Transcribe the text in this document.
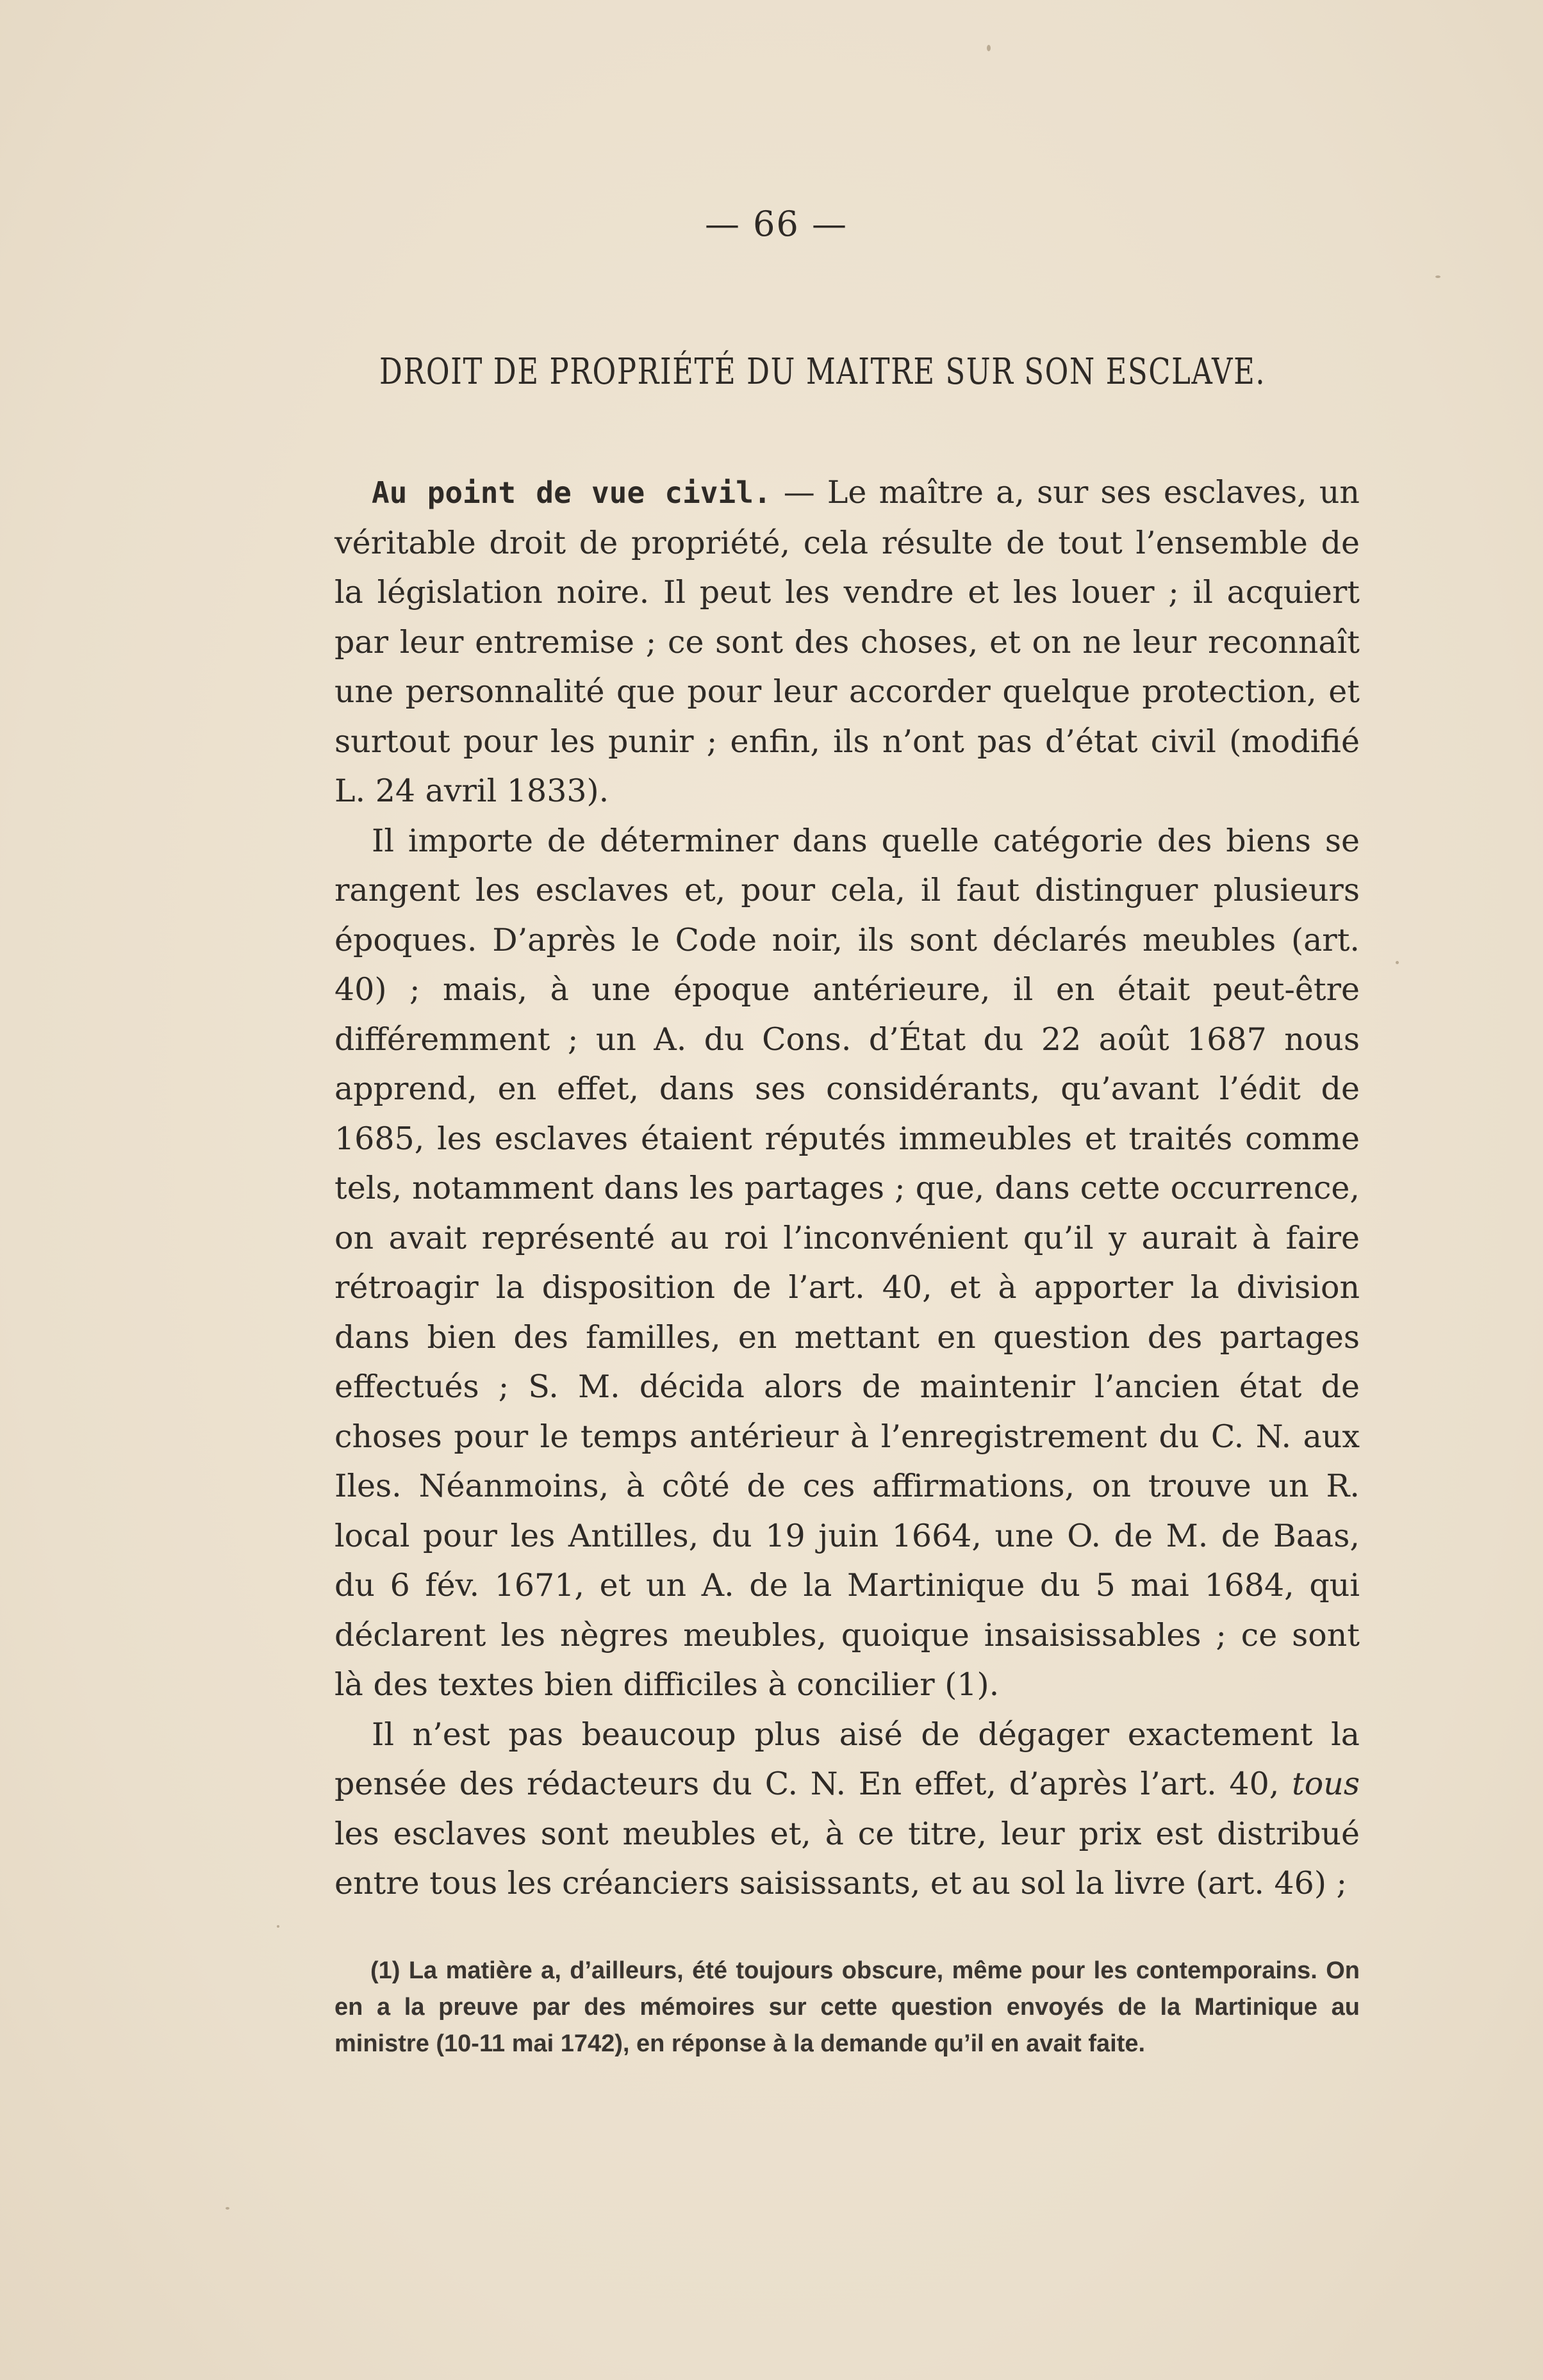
— 66 —
DROIT DE PROPRIÉTÉ DU MAITRE SUR SON ESCLAVE.

Au point de vue civil. — Le maître a, sur ses esclaves, un véritable droit de propriété, cela résulte de tout l’ensemble de la législation noire. Il peut les vendre et les louer ; il acquiert par leur entremise ; ce sont des choses, et on ne leur reconnaît une personnalité que pour leur accorder quelque protection, et surtout pour les punir ; enfin, ils n’ont pas d’état civil (modifié L. 24 avril 1833).

Il importe de déterminer dans quelle catégorie des biens se rangent les esclaves et, pour cela, il faut distinguer plusieurs époques. D’après le Code noir, ils sont déclarés meubles (art. 40) ; mais, à une époque antérieure, il en était peut-être différemment ; un A. du Cons. d’État du 22 août 1687 nous apprend, en effet, dans ses considérants, qu’avant l’édit de 1685, les esclaves étaient réputés immeubles et traités comme tels, notamment dans les partages ; que, dans cette occurrence, on avait représenté au roi l’inconvénient qu’il y aurait à faire rétroagir la disposition de l’art. 40, et à apporter la division dans bien des familles, en mettant en question des partages effectués ; S. M. décida alors de maintenir l’ancien état de choses pour le temps antérieur à l’enregistrement du C. N. aux Iles. Néanmoins, à côté de ces affirmations, on trouve un R. local pour les Antilles, du 19 juin 1664, une O. de M. de Baas, du 6 fév. 1671, et un A. de la Martinique du 5 mai 1684, qui déclarent les nègres meubles, quoique insaisissables ; ce sont là des textes bien difficiles à concilier (1).

Il n’est pas beaucoup plus aisé de dégager exactement la pensée des rédacteurs du C. N. En effet, d’après l’art. 40, tous les esclaves sont meubles et, à ce titre, leur prix est distribué entre tous les créanciers saisissants, et au sol la livre (art. 46) ;

(1) La matière a, d’ailleurs, été toujours obscure, même pour les contemporains. On en a la preuve par des mémoires sur cette question envoyés de la Martinique au ministre (10-11 mai 1742), en réponse à la demande qu’il en avait faite.
